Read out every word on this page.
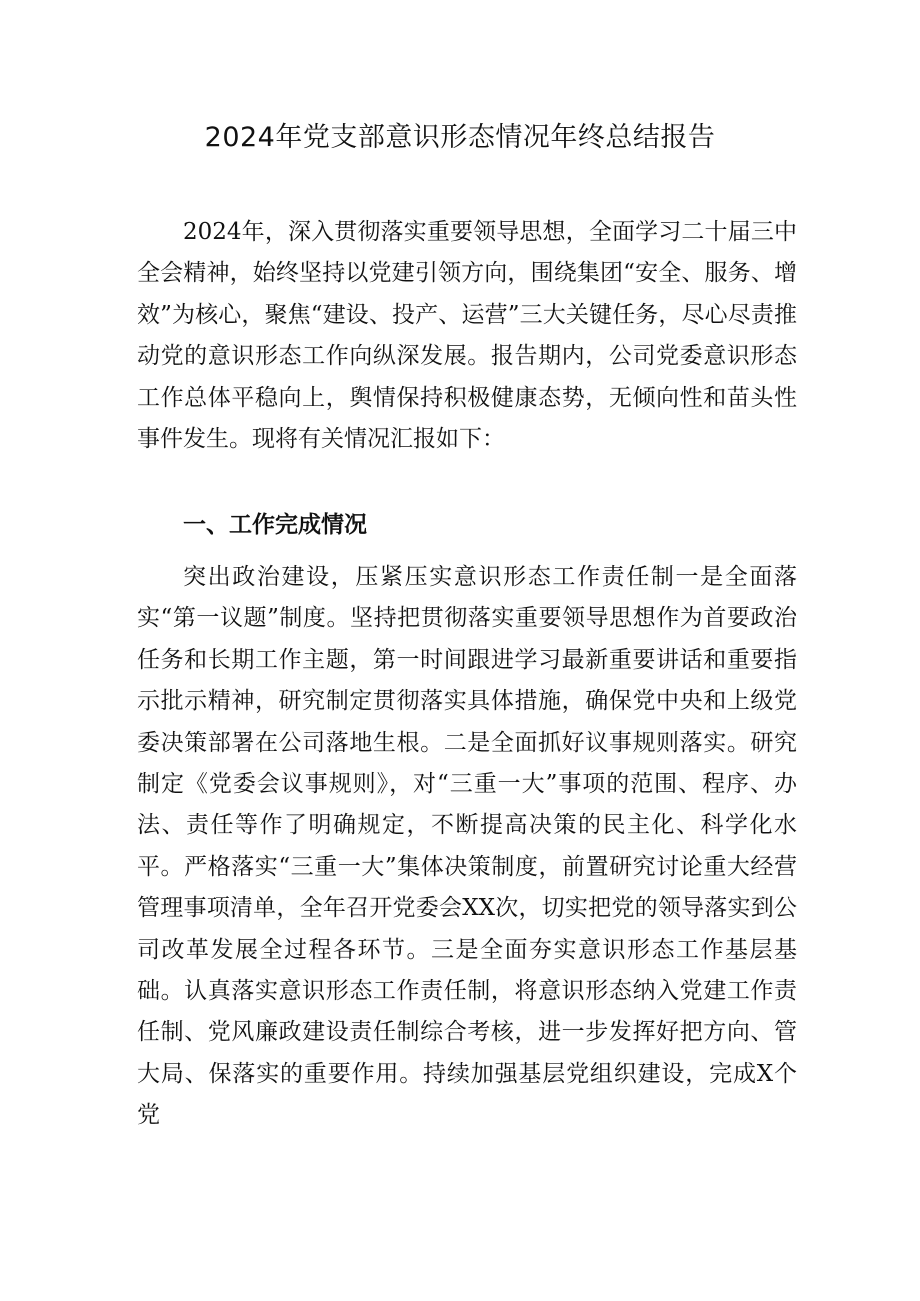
2024年党支部意识形态情况年终总结报告

2024年，深入贯彻落实重要领导思想，全面学习二十届三中全会精神，始终坚持以党建引领方向，围绕集团“安全、服务、增效”为核心，聚焦“建设、投产、运营”三大关键任务，尽心尽责推动党的意识形态工作向纵深发展。报告期内，公司党委意识形态工作总体平稳向上，舆情保持积极健康态势，无倾向性和苗头性事件发生。现将有关情况汇报如下：

一、工作完成情况

突出政治建设，压紧压实意识形态工作责任制一是全面落实“第一议题”制度。坚持把贯彻落实重要领导思想作为首要政治任务和长期工作主题，第一时间跟进学习最新重要讲话和重要指示批示精神，研究制定贯彻落实具体措施，确保党中央和上级党委决策部署在公司落地生根。二是全面抓好议事规则落实。研究制定《党委会议事规则》，对“三重一大”事项的范围、程序、办法、责任等作了明确规定，不断提高决策的民主化、科学化水平。严格落实“三重一大”集体决策制度，前置研究讨论重大经营管理事项清单，全年召开党委会XX次，切实把党的领导落实到公司改革发展全过程各环节。三是全面夯实意识形态工作基层基础。认真落实意识形态工作责任制，将意识形态纳入党建工作责任制、党风廉政建设责任制综合考核，进一步发挥好把方向、管大局、保落实的重要作用。持续加强基层党组织建设，完成X个党
